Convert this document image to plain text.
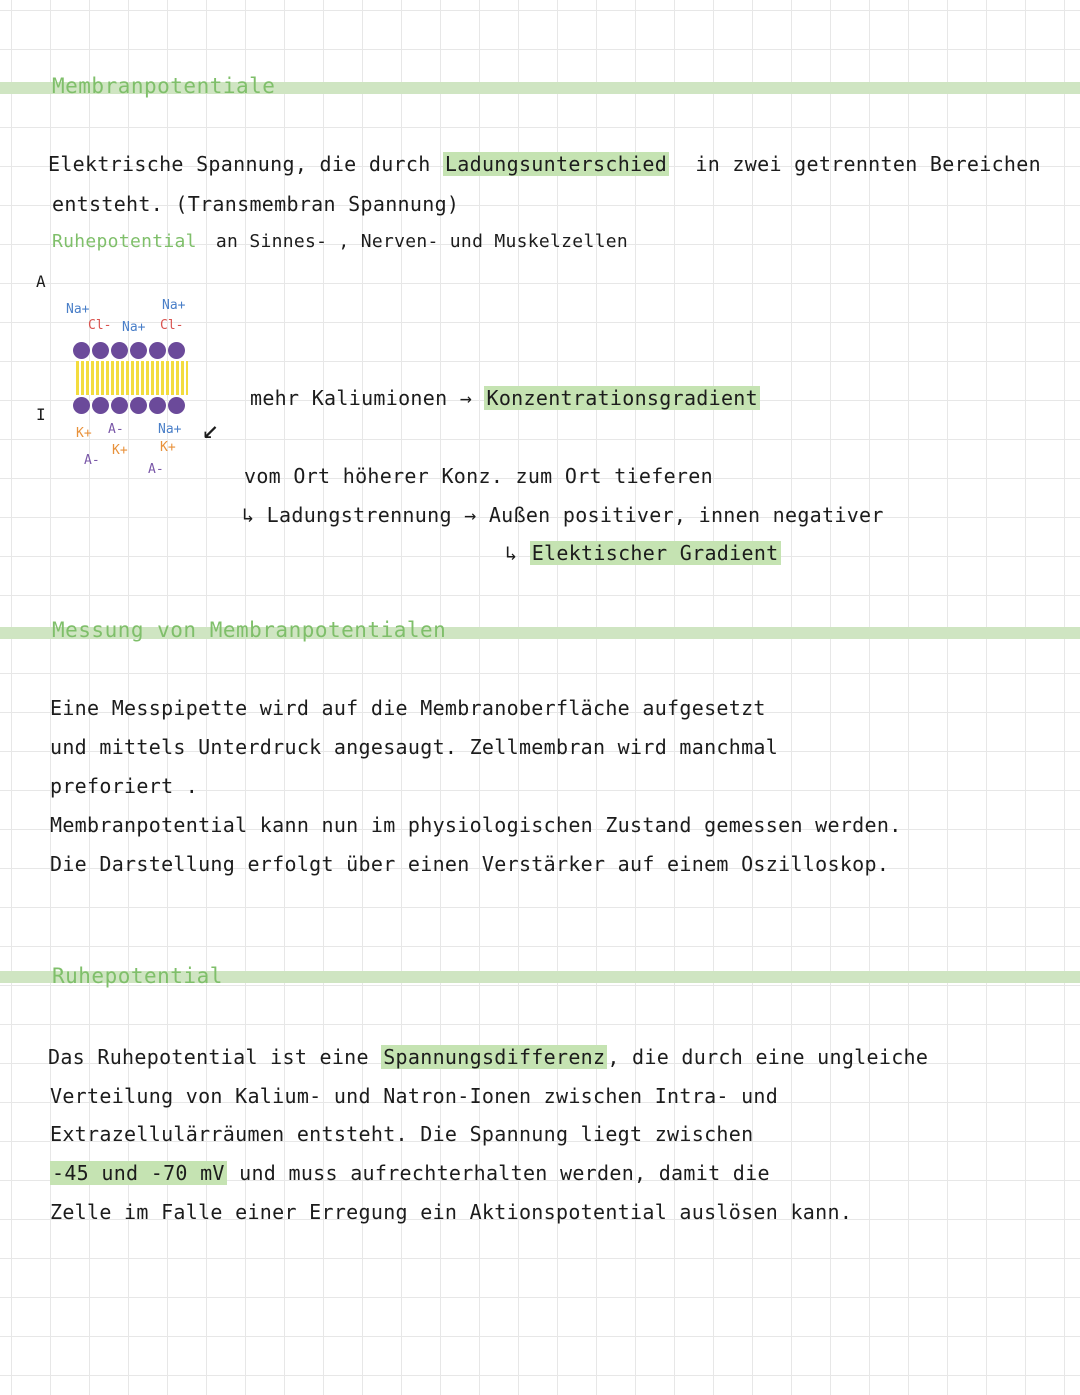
Membranpotentiale
Elektrische Spannung, die durch Ladungsunterschied in zwei getrennten Bereichen
entsteht. (Transmembran Spannung)
Ruhepotential an Sinnes- , Nerven- und Muskelzellen
A
I
Na+	Na+
Cl- Na+ Cl-
K+ A-	Na+
A-
K+ K+
A-
↙
mehr Kaliumionen → Konzentrationsgradient
vom Ort höherer Konz. zum Ort tieferen
↳ Ladungstrennung → Außen positiver, innen negativer
↳ Elektischer Gradient
Messung von Membranpotentialen
Eine Messpipette wird auf die Membranoberfläche aufgesetzt
und mittels Unterdruck angesaugt. Zellmembran wird manchmal
preforiert .
Membranpotential kann nun im physiologischen Zustand gemessen werden.
Die Darstellung erfolgt über einen Verstärker auf einem Oszilloskop.
Ruhepotential
Das Ruhepotential ist eine Spannungsdifferenz , die durch eine ungleiche
Verteilung von Kalium- und Natron-Ionen zwischen Intra- und
Extrazellulärräumen entsteht. Die Spannung liegt zwischen
-45 und -70 mV und muss aufrechterhalten werden, damit die
Zelle im Falle einer Erregung ein Aktionspotential auslösen kann.
